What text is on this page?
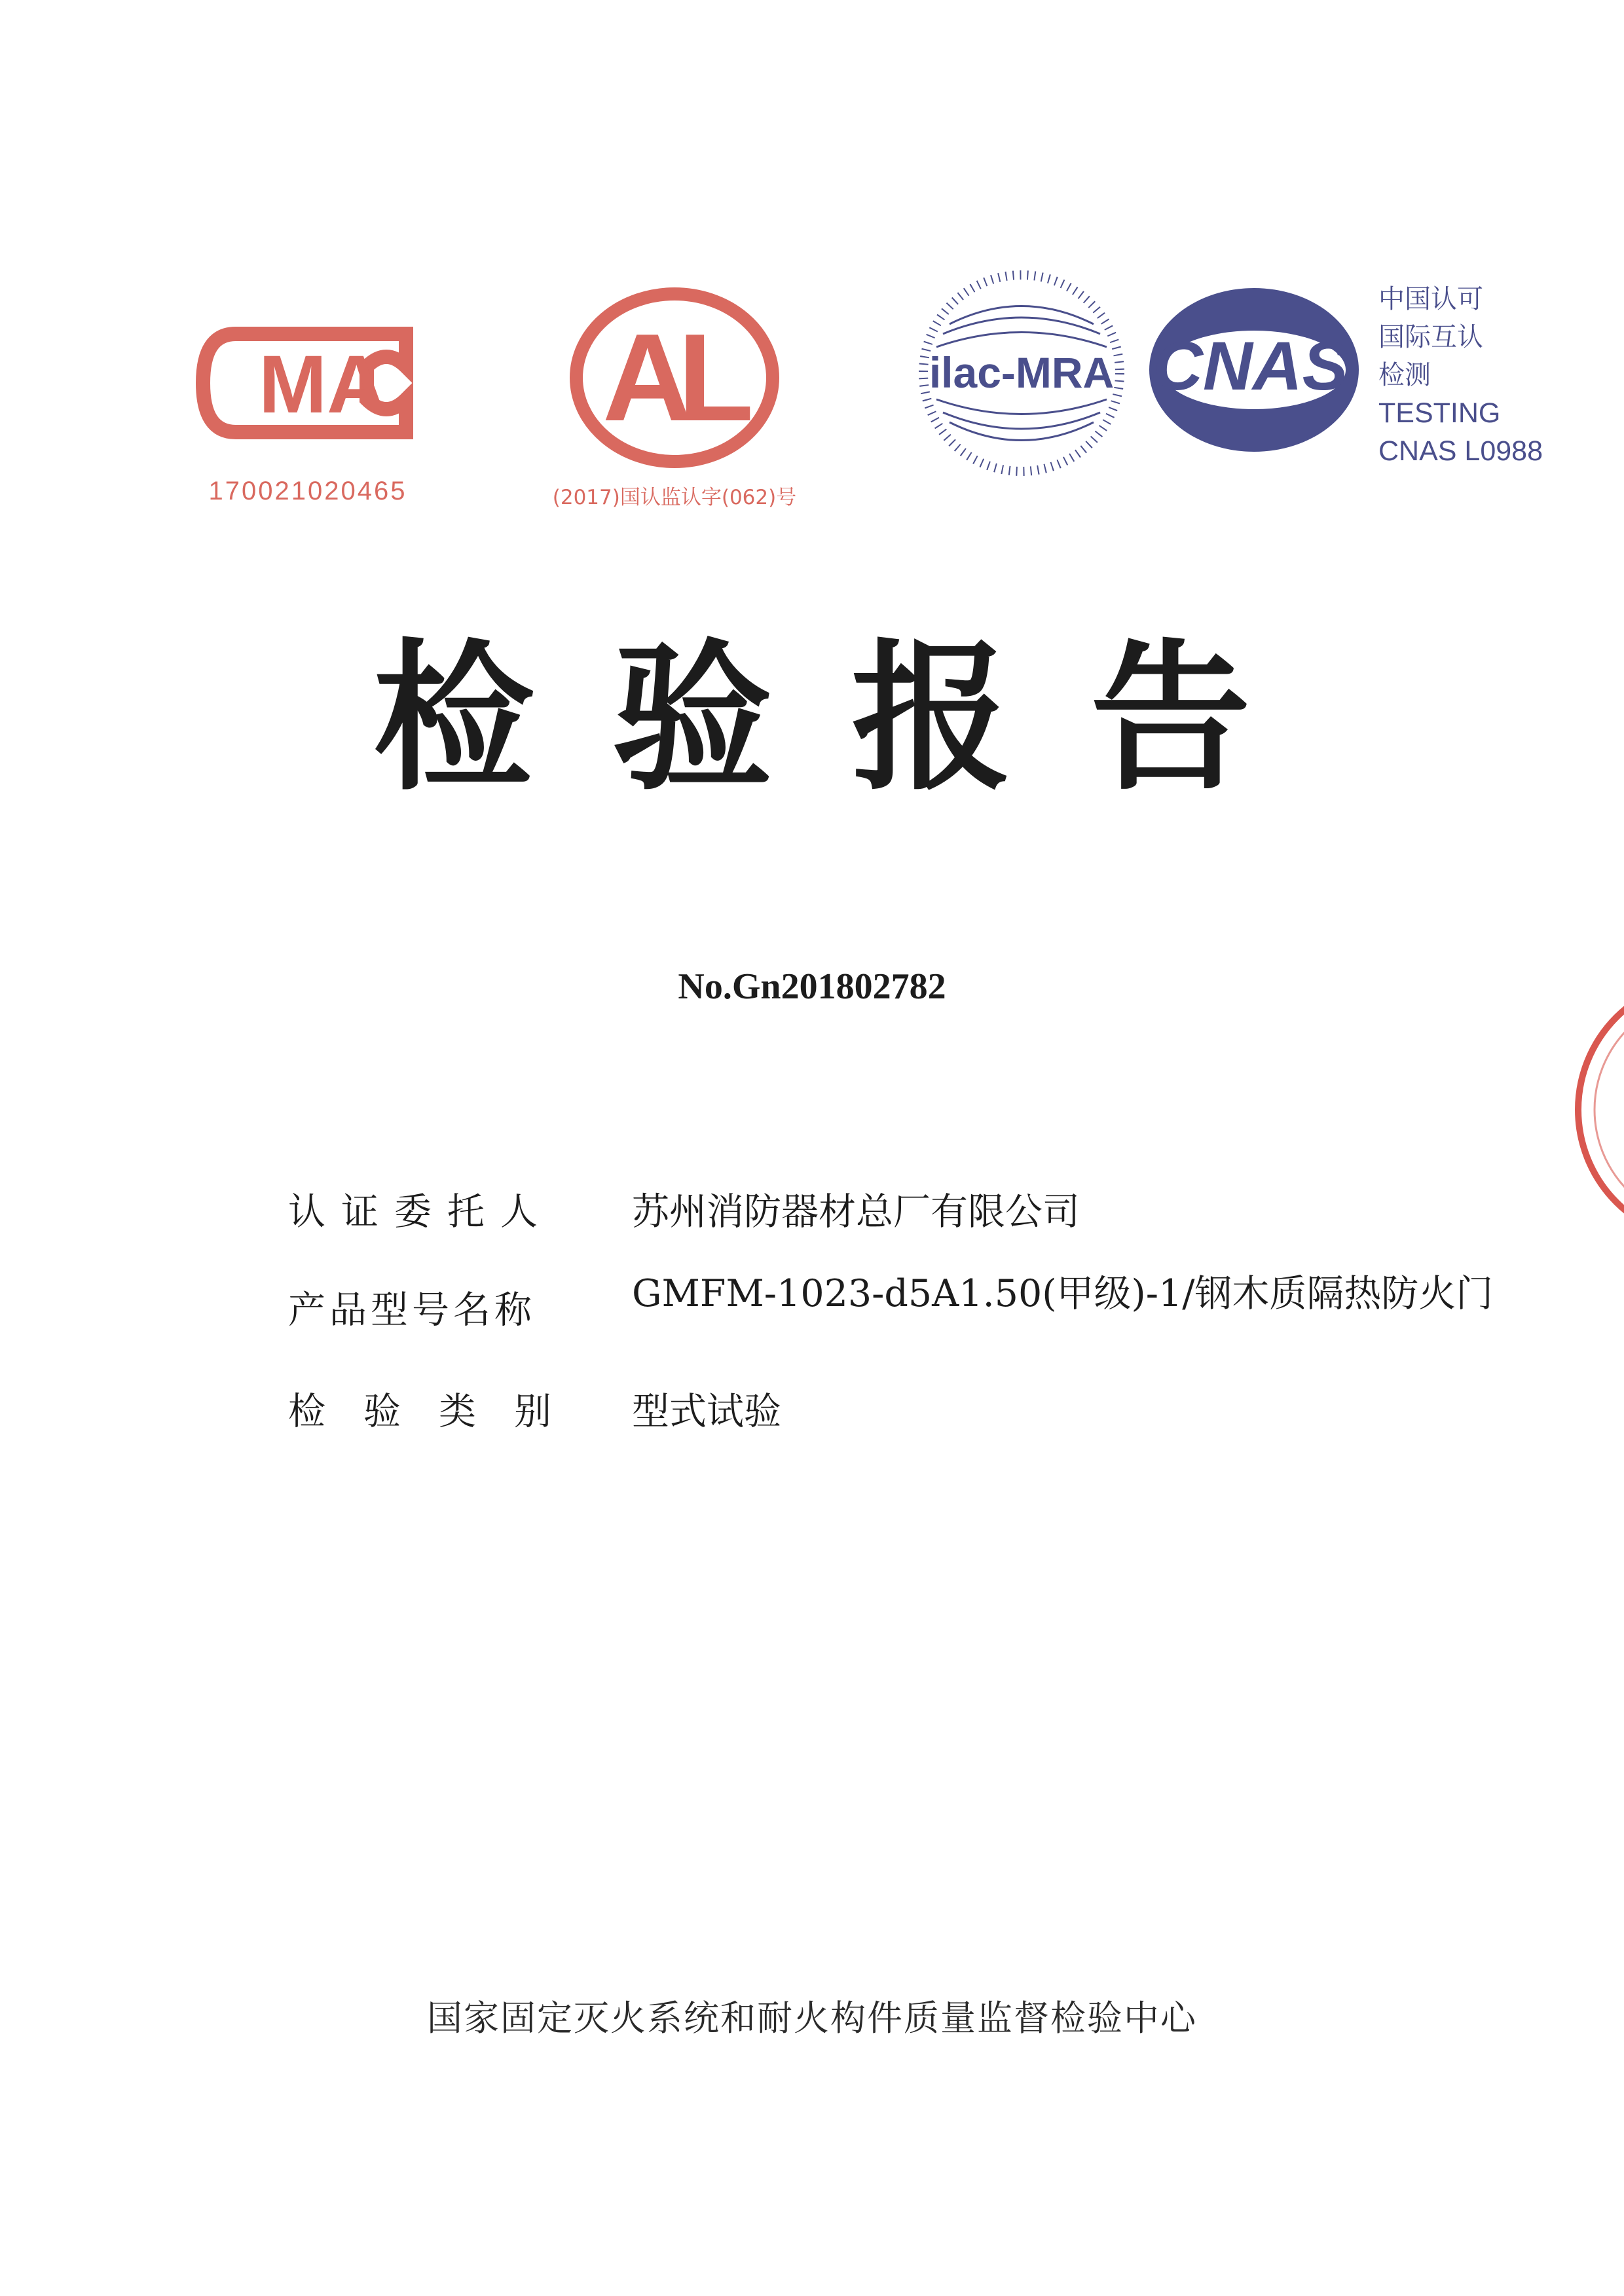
MA
170021020465
A
L
(2017)国认监认字(062)号
ilac-MRA CNAS
中国认可
国际互认
检测
TESTING
CNAS L0988
检验报告
No.Gn201802782
认证委托人	苏州消防器材总厂有限公司
产品型号名称	GMFM-1023-d5A1.50(甲级)-1/钢木质隔热防火门
检验类别 型式试验
国家固定灭火系统和耐火构件质量监督检验中心
